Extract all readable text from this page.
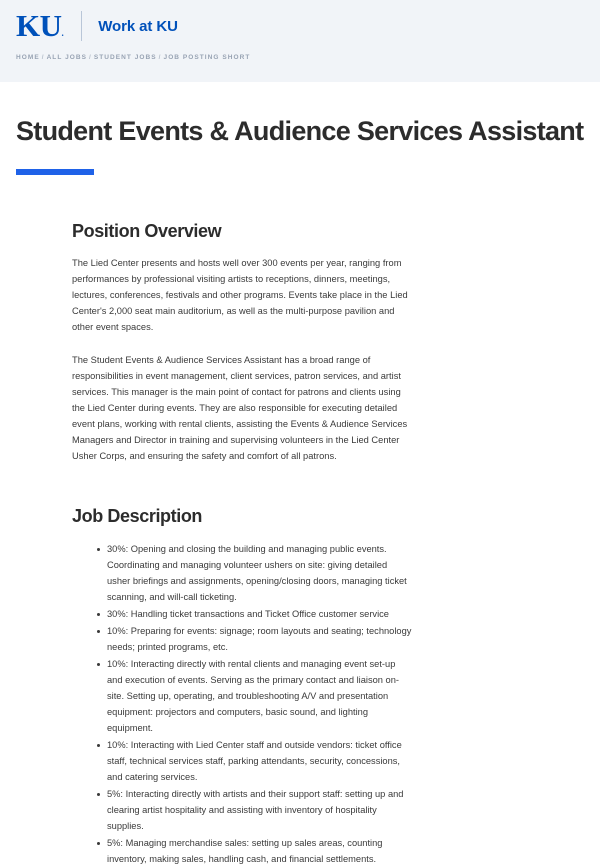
KU. Work at KU
HOME / ALL JOBS / STUDENT JOBS / JOB POSTING SHORT
Student Events & Audience Services Assistant
Position Overview

The Lied Center presents and hosts well over 300 events per year, ranging from performances by professional visiting artists to receptions, dinners, meetings, lectures, conferences, festivals and other programs. Events take place in the Lied Center's 2,000 seat main auditorium, as well as the multi-purpose pavilion and other event spaces.

The Student Events & Audience Services Assistant has a broad range of responsibilities in event management, client services, patron services, and artist services. This manager is the main point of contact for patrons and clients using the Lied Center during events. They are also responsible for executing detailed event plans, working with rental clients, assisting the Events & Audience Services Managers and Director in training and supervising volunteers in the Lied Center Usher Corps, and ensuring the safety and comfort of all patrons.

Job Description
30%: Opening and closing the building and managing public events. Coordinating and managing volunteer ushers on site: giving detailed usher briefings and assignments, opening/closing doors, managing ticket scanning, and will-call ticketing.
30%: Handling ticket transactions and Ticket Office customer service
10%: Preparing for events: signage; room layouts and seating; technology needs; printed programs, etc.
10%: Interacting directly with rental clients and managing event set-up and execution of events. Serving as the primary contact and liaison on-site. Setting up, operating, and troubleshooting A/V and presentation equipment: projectors and computers, basic sound, and lighting equipment.
10%: Interacting with Lied Center staff and outside vendors: ticket office staff, technical services staff, parking attendants, security, concessions, and catering services.
5%: Interacting directly with artists and their support staff: setting up and clearing artist hospitality and assisting with inventory of hospitality supplies.
5%: Managing merchandise sales: setting up sales areas, counting inventory, making sales, handling cash, and financial settlements.
